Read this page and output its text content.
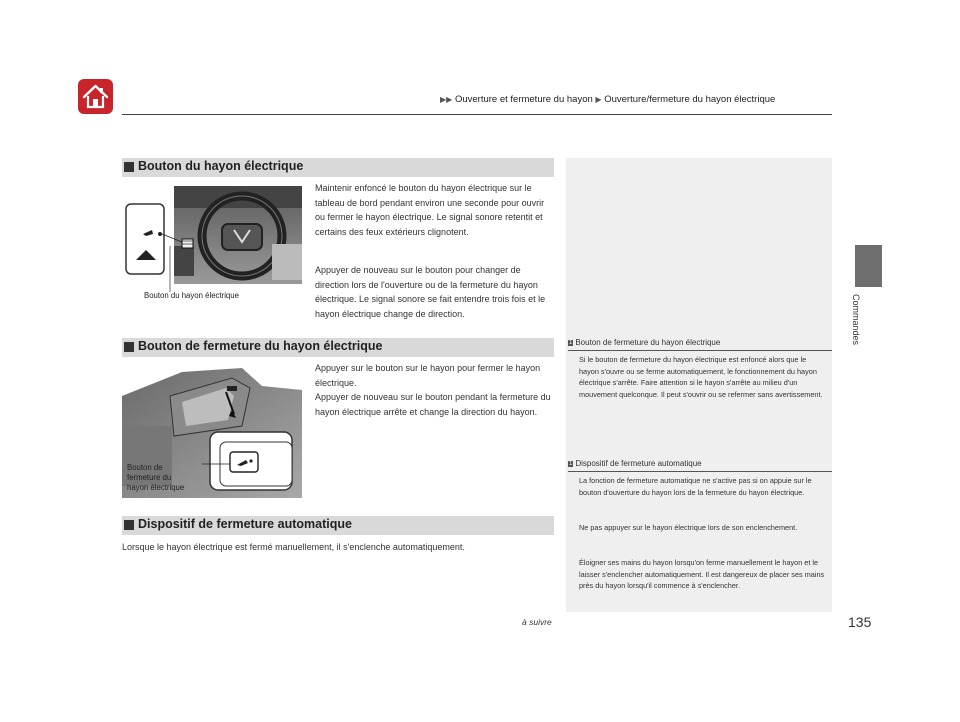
▶▶ Ouverture et fermeture du hayon ▶ Ouverture/fermeture du hayon électrique
Commandes
Bouton du hayon électrique
Bouton du hayon électrique
Maintenir enfoncé le bouton du hayon électrique sur le tableau de bord pendant environ une seconde pour ouvrir ou fermer le hayon électrique. Le signal sonore retentit et certains des feux extérieurs clignotent.
Appuyer de nouveau sur le bouton pour changer de direction lors de l'ouverture ou de la fermeture du hayon électrique. Le signal sonore se fait entendre trois fois et le hayon électrique change de direction.
Bouton de fermeture du hayon électrique
Bouton de
fermeture du
hayon électrique
Appuyer sur le bouton sur le hayon pour fermer le hayon électrique.
Appuyer de nouveau sur le bouton pendant la fermeture du hayon électrique arrête et change la direction du hayon.
Dispositif de fermeture automatique
Lorsque le hayon électrique est fermé manuellement, il s'enclenche automatiquement.
1 Bouton de fermeture du hayon électrique
Si le bouton de fermeture du hayon électrique est enfoncé alors que le hayon s'ouvre ou se ferme automatiquement, le fonctionnement du hayon électrique s'arrête. Faire attention si le hayon s'arrête au milieu d'un mouvement quelconque. Il peut s'ouvrir ou se refermer sans avertissement.
1 Dispositif de fermeture automatique
La fonction de fermeture automatique ne s'active pas si on appuie sur le bouton d'ouverture du hayon lors de la fermeture du hayon électrique.
Ne pas appuyer sur le hayon électrique lors de son enclenchement.
Éloigner ses mains du hayon lorsqu'on ferme manuellement le hayon et le laisser s'enclencher automatiquement. Il est dangereux de placer ses mains près du hayon lorsqu'il commence à s'enclencher.
à suivre	135
